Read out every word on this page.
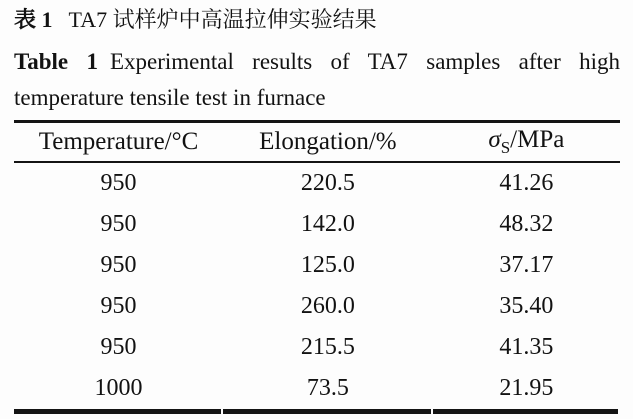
表 1 TA7 试样炉中高温拉伸实验结果
Table 1 Experimental results of TA7 samples after high
temperature tensile test in furnace
Temperature/°C	Elongation/%	$\sigma_S$/MPa
950	220.5	41.26
950	142.0	48.32
950	125.0	37.17
950	260.0	35.40
950	215.5	41.35
1000	73.5	21.95
